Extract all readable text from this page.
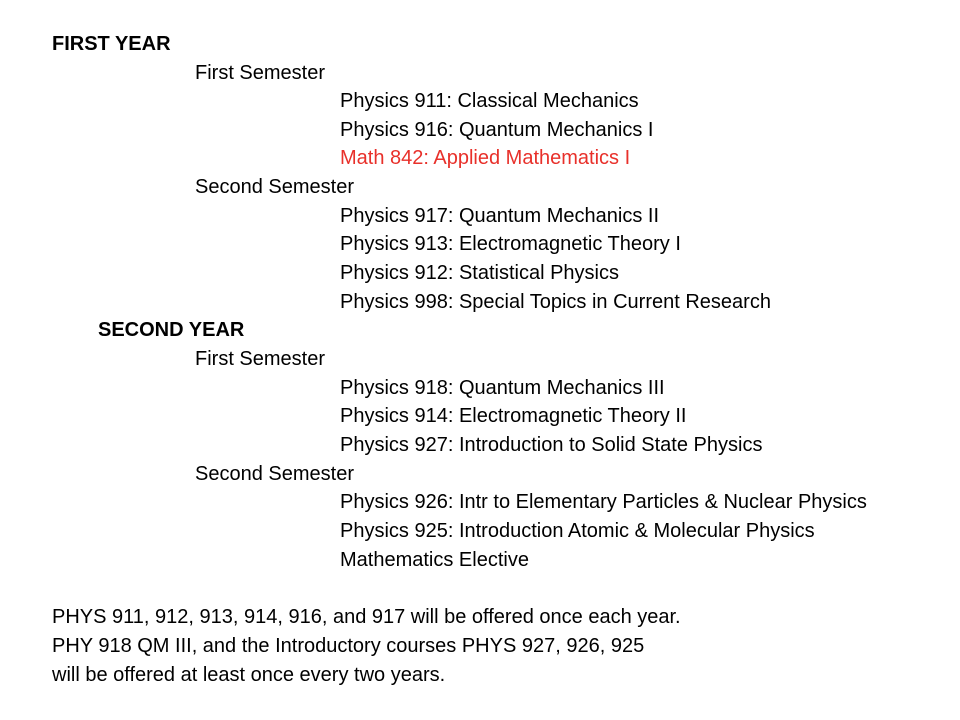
FIRST YEAR
First Semester
Physics 911: Classical Mechanics
Physics 916: Quantum Mechanics I
Math 842: Applied Mathematics I
Second Semester
Physics 917: Quantum Mechanics II
Physics 913: Electromagnetic Theory I
Physics 912: Statistical Physics
Physics 998: Special Topics in Current Research
SECOND YEAR
First Semester
Physics 918: Quantum Mechanics III
Physics 914: Electromagnetic Theory II
Physics 927: Introduction to Solid State Physics
Second Semester
Physics 926: Intr to Elementary Particles & Nuclear Physics
Physics 925: Introduction Atomic & Molecular Physics
Mathematics Elective
PHYS 911, 912, 913, 914, 916, and 917 will be offered once each year.
PHY 918 QM III, and the Introductory courses PHYS 927, 926, 925
will be offered at least once every two years.
